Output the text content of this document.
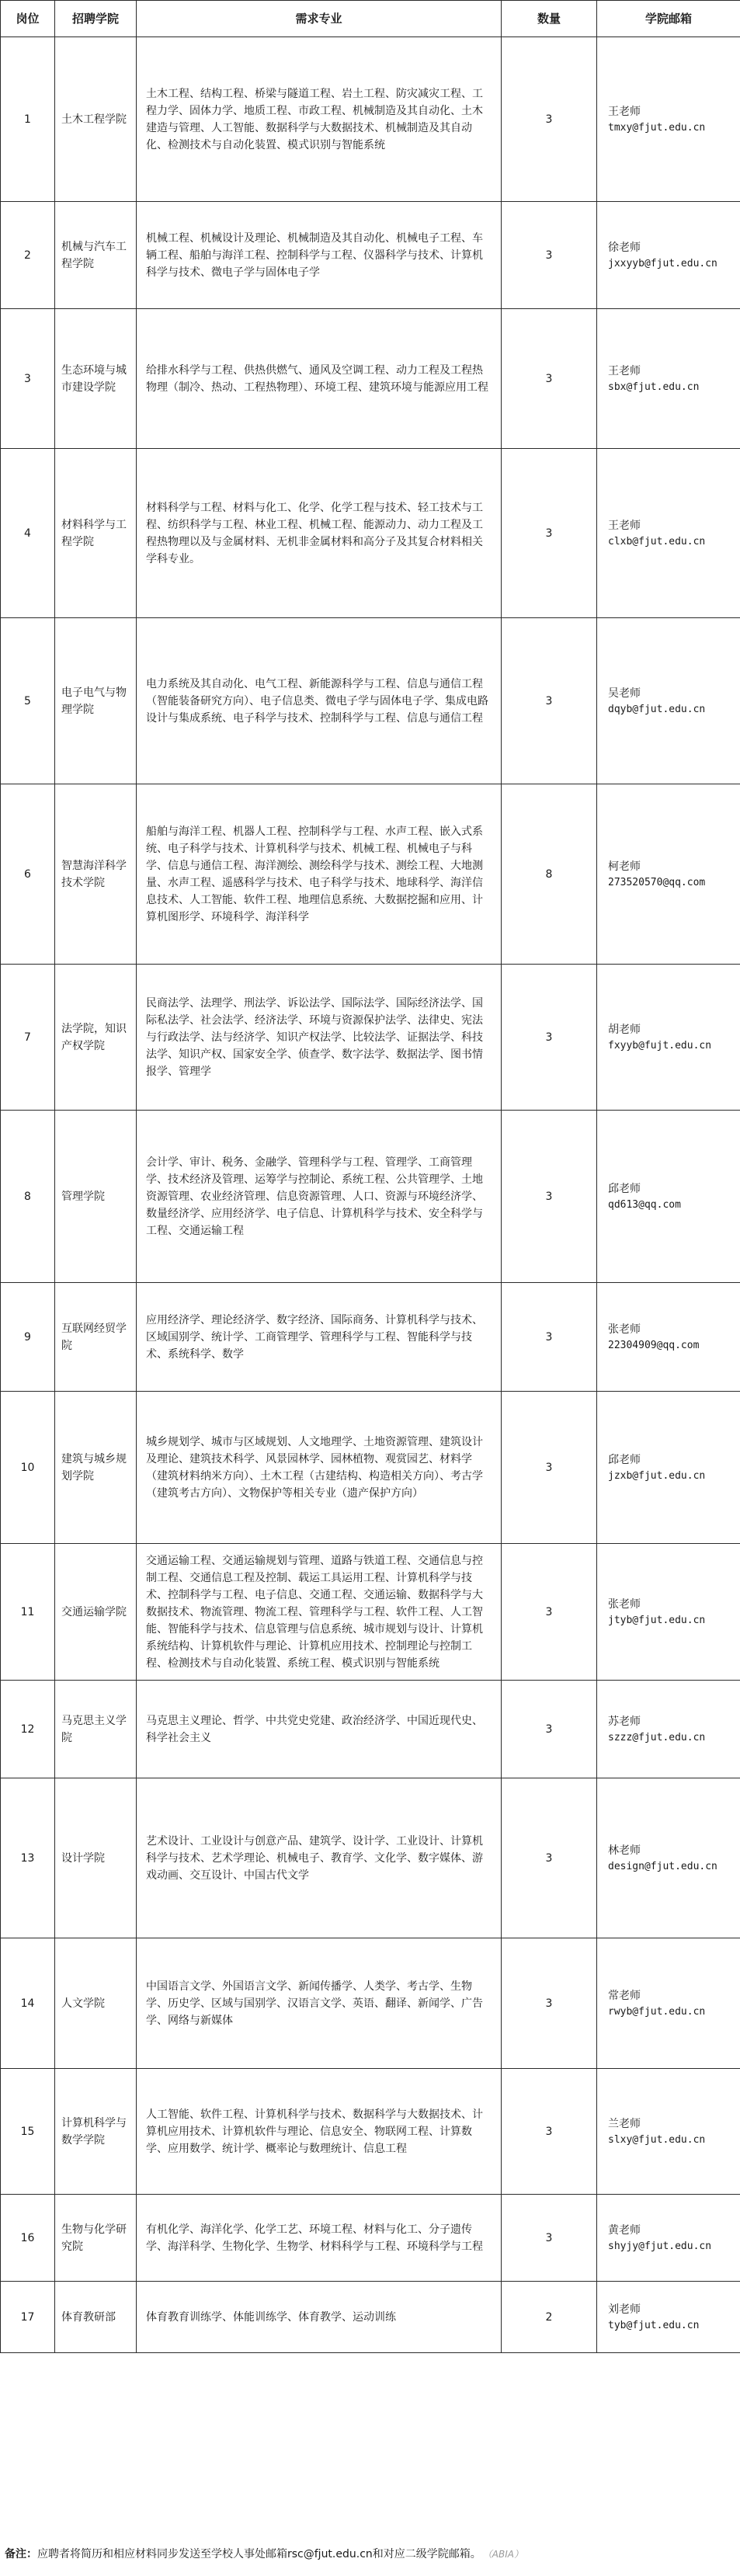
岗位	招聘学院	需求专业	数量	学院邮箱
1	土木工程学院	土木工程、结构工程、桥梁与隧道工程、岩土工程、防灾减灾工程、工程力学、固体力学、地质工程、市政工程、机械制造及其自动化、土木建造与管理、人工智能、数据科学与大数据技术、机械制造及其自动化、检测技术与自动化装置、模式识别与智能系统	3	王老师
tmxy@fjut.edu.cn

2	机械与汽车工程学院	机械工程、机械设计及理论、机械制造及其自动化、机械电子工程、车辆工程、船舶与海洋工程、控制科学与工程、仪器科学与技术、计算机科学与技术、微电子学与固体电子学	3	徐老师
jxxyyb@fjut.edu.cn

3	生态环境与城市建设学院	给排水科学与工程、供热供燃气、通风及空调工程、动力工程及工程热物理（制冷、热动、工程热物理）、环境工程、建筑环境与能源应用工程	3	王老师
sbx@fjut.edu.cn

4	材料科学与工程学院	材料科学与工程、材料与化工、化学、化学工程与技术、轻工技术与工程、纺织科学与工程、林业工程、机械工程、能源动力、动力工程及工程热物理以及与金属材料、无机非金属材料和高分子及其复合材料相关学科专业。	3	王老师
clxb@fjut.edu.cn

5	电子电气与物理学院	电力系统及其自动化、电气工程、新能源科学与工程、信息与通信工程（智能装备研究方向）、电子信息类、微电子学与固体电子学、集成电路设计与集成系统、电子科学与技术、控制科学与工程、信息与通信工程	3	吴老师
dqyb@fjut.edu.cn

6	智慧海洋科学技术学院	船舶与海洋工程、机器人工程、控制科学与工程、水声工程、嵌入式系统、电子科学与技术、计算机科学与技术、机械工程、机械电子与科学、信息与通信工程、海洋测绘、测绘科学与技术、测绘工程、大地测量、水声工程、遥感科学与技术、电子科学与技术、地球科学、海洋信息技术、人工智能、软件工程、地理信息系统、大数据挖掘和应用、计算机图形学、环境科学、海洋科学	8	柯老师
273520570@qq.com

7	法学院，知识产权学院	民商法学、法理学、刑法学、诉讼法学、国际法学、国际经济法学、国际私法学、社会法学、经济法学、环境与资源保护法学、法律史、宪法与行政法学、法与经济学、知识产权法学、比较法学、证据法学、科技法学、知识产权、国家安全学、侦查学、数字法学、数据法学、图书情报学、管理学	3	胡老师
fxyyb@fujt.edu.cn

8	管理学院	会计学、审计、税务、金融学、管理科学与工程、管理学、工商管理学、技术经济及管理、运筹学与控制论、系统工程、公共管理学、土地资源管理、农业经济管理、信息资源管理、人口、资源与环境经济学、数量经济学、应用经济学、电子信息、计算机科学与技术、安全科学与工程、交通运输工程	3	邱老师
qd613@qq.com

9	互联网经贸学院	应用经济学、理论经济学、数字经济、国际商务、计算机科学与技术、区域国别学、统计学、工商管理学、管理科学与工程、智能科学与技术、系统科学、数学	3	张老师
22304909@qq.com

10	建筑与城乡规划学院	城乡规划学、城市与区域规划、人文地理学、土地资源管理、建筑设计及理论、建筑技术科学、风景园林学、园林植物、观赏园艺、材料学（建筑材料纳米方向）、土木工程（古建结构、构造相关方向）、考古学（建筑考古方向）、文物保护等相关专业（遗产保护方向）	3	邱老师
jzxb@fjut.edu.cn

11	交通运输学院	交通运输工程、交通运输规划与管理、道路与铁道工程、交通信息与控制工程、交通信息工程及控制、载运工具运用工程、计算机科学与技术、控制科学与工程、电子信息、交通工程、交通运输、数据科学与大数据技术、物流管理、物流工程、管理科学与工程、软件工程、人工智能、智能科学与技术、信息管理与信息系统、城市规划与设计、计算机系统结构、计算机软件与理论、计算机应用技术、控制理论与控制工程、检测技术与自动化装置、系统工程、模式识别与智能系统	3	张老师
jtyb@fjut.edu.cn

12	马克思主义学院	马克思主义理论、哲学、中共党史党建、政治经济学、中国近现代史、科学社会主义	3	苏老师
szzz@fjut.edu.cn

13	设计学院	艺术设计、工业设计与创意产品、建筑学、设计学、工业设计、计算机科学与技术、艺术学理论、机械电子、教育学、文化学、数字媒体、游戏动画、交互设计、中国古代文学	3	林老师
design@fjut.edu.cn

14	人文学院	中国语言文学、外国语言文学、新闻传播学、人类学、考古学、生物学、历史学、区域与国别学、汉语言文学、英语、翻译、新闻学、广告学、网络与新媒体	3	常老师
rwyb@fjut.edu.cn

15	计算机科学与数学学院	人工智能、软件工程、计算机科学与技术、数据科学与大数据技术、计算机应用技术、计算机软件与理论、信息安全、物联网工程、计算数学、应用数学、统计学、概率论与数理统计、信息工程	3	兰老师
slxy@fjut.edu.cn

16	生物与化学研究院	有机化学、海洋化学、化学工艺、环境工程、材料与化工、分子遗传学、海洋科学、生物化学、生物学、材料科学与工程、环境科学与工程	3	黄老师
shyjy@fjut.edu.cn

17	体育教研部	体育教育训练学、体能训练学、体育教学、运动训练	2	刘老师
tyb@fjut.edu.cn
备注：应聘者将简历和相应材料同步发送至学校人事处邮箱rsc@fjut.edu.cn和对应二级学院邮箱。 （ABIA）
